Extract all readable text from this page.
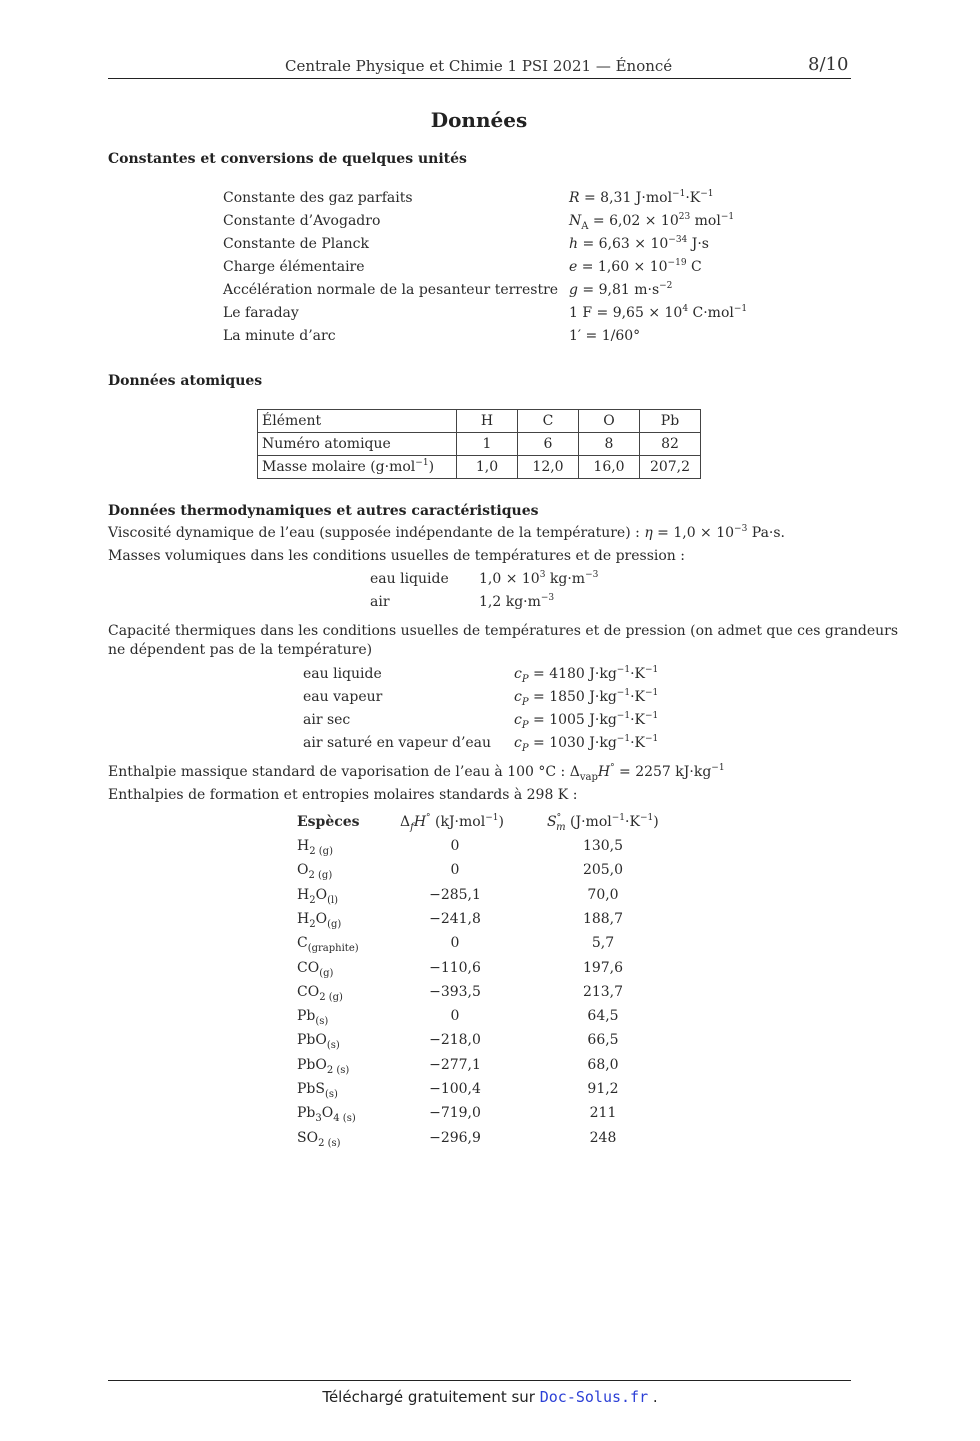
Centrale Physique et Chimie 1 PSI 2021 — Énoncé	8/10
Données
Constantes et conversions de quelques unités
Constante des gaz parfaits	R = 8,31 $J\cdot mol^{-1}\cdot K^{-1}$
Constante d’Avogadro	$N_A = 6,02 \times 10^{23}$ mol$^{-1}$
Constante de Planck	$h = 6,63 \times 10^{-34}$ J·s
Charge élémentaire	$e = 1,60 \times 10^{-19}$ C
Accélération normale de la pesanteur terrestre g = 9,81 $m\cdot s^{-2}$
Le faraday	1 $F = 9,65 \times 10^4$ C·mol$^{-1}$
La minute d’arc	1′ = 1/60°
Données atomiques
Élément	H	C	O	Pb
Numéro atomique	1	6	8	82
Masse molaire (g·mol$^{-1}$)	1,0	12,0	16,0	207,2
Données thermodynamiques et autres caractéristiques
Viscosité dynamique de l’eau (supposée indépendante de la température) : $\eta = 1,0 \times 10^{-3}$ Pa·s.
Masses volumiques dans les conditions usuelles de températures et de pression :
eau liquide $1,0 \times 10^3$ $kg\cdot m^{-3}$
air	1,2 $kg\cdot m^{-3}$
Capacité thermiques dans les conditions usuelles de températures et de pression (on admet que ces grandeurs
ne dépendent pas de la température)
eau liquide	$c_P = 4180$ $J\cdot kg^{-1}\cdot K^{-1}$
eau vapeur	$c_P = 1850$ $J\cdot kg^{-1}\cdot K^{-1}$
air sec	$c_P = 1005$ $J\cdot kg^{-1}\cdot K^{-1}$
air saturé en vapeur d’eau $c_P = 1030$ $J\cdot kg^{-1}\cdot K^{-1}$
Enthalpie massique standard de vaporisation de l’eau à 100 °C : $\Delta_{vap}H^\circ = 2257$ $kJ\cdot kg^{-1}$
Enthalpies de formation et entropies molaires standards à 298 K :
Espèces	$\Delta_fH^\circ$ (kJ·mol$^{-1}$)	$S^\circ_m$ $(J\cdot mol^{-1}\cdot K^{-1})$
$H_{2 (g)}$	0	130,5
$O_{2 (g)}$	0	205,0
$H_2O_{(l)}$	−285,1	70,0
$H_2O_{(g)}$	−241,8	188,7
$C_{(graphite)}$	0	5,7
$CO_{(g)}$	−110,6	197,6
$CO_{2 (g)}$	−393,5	213,7
$Pb_{(s)}$	0	64,5
PbO$_{(s)}$	−218,0	66,5
PbO$_{2 (s)}$	−277,1	68,0
PbS$_{(s)}$	−100,4	91,2
$Pb_3O_{4 (s)}$	−719,0	211
$SO_{2 (s)}$	−296,9	248
Téléchargé gratuitement sur Doc-Solus.fr .
